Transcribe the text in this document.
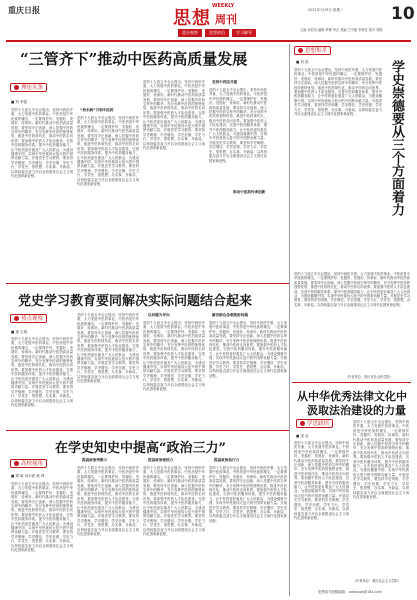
重庆日报	思想 周刊
WEEKLY
重庆观察	思想前沿	学习辅导
2021年3月9日 星期二
主编 何彩英 编辑 牟博 李志 美编 王中健 李贤佳 校对 刘微
10
“三管齐下”推动中医药高质量发展
理论头条
■ 刘 李霞
党的十九届五中全会提出，坚持中西医并重，大力发展中医药事业。中医药是中华民族的瑰宝，一定要保护好、发掘好、发展好、传承好。新时代推动中医药高质量发展，要坚持守正创新，深入挖掘中医药宝库中的精华，充分发挥中医药的独特优势，推进中医药现代化，推动中医药走向世界。要加强中医药人才队伍建设，完善中医药服务体系，提升中医药服务能力，让中医药更好惠及广大人民群众，为建设健康中国、实现中华民族伟大复兴的中国梦贡献力量。开展党史学习教育，要坚持学史明理、学史增信、学史崇德、学史力行，学党史、悟思想、办实事、开新局，以昂扬姿态奋力开启全面建设社会主义现代化国家新征程。
“治未病”引领中医药
党的十九届五中全会提出，坚持中西医并重，大力发展中医药事业。中医药是中华民族的瑰宝，一定要保护好、发掘好、发展好、传承好。新时代推动中医药高质量发展，要坚持守正创新，深入挖掘中医药宝库中的精华，充分发挥中医药的独特优势，推进中医药现代化，推动中医药走向世界。要加强中医药人才队伍建设，完善中医药服务体系，提升中医药服务能力，让中医药更好惠及广大人民群众，为建设健康中国、实现中华民族伟大复兴的中国梦贡献力量。开展党史学习教育，要坚持学史明理、学史增信、学史崇德、学史力行，学党史、悟思想、办实事、开新局，以昂扬姿态奋力开启全面建设社会主义现代化国家新征程。
党的十九届五中全会提出，坚持中西医并重，大力发展中医药事业。中医药是中华民族的瑰宝，一定要保护好、发掘好、发展好、传承好。新时代推动中医药高质量发展，要坚持守正创新，深入挖掘中医药宝库中的精华，充分发挥中医药的独特优势，推进中医药现代化，推动中医药走向世界。要加强中医药人才队伍建设，完善中医药服务体系，提升中医药服务能力，让中医药更好惠及广大人民群众，为建设健康中国、实现中华民族伟大复兴的中国梦贡献力量。开展党史学习教育，要坚持学史明理、学史增信、学史崇德、学史力行，学党史、悟思想、办实事、开新局，以昂扬姿态奋力开启全面建设社会主义现代化国家新征程。
坚持中西医并重
党的十九届五中全会提出，坚持中西医并重，大力发展中医药事业。中医药是中华民族的瑰宝，一定要保护好、发掘好、发展好、传承好。新时代推动中医药高质量发展，要坚持守正创新，深入挖掘中医药宝库中的精华，充分发挥中医药的独特优势，推进中医药现代化，推动中医药走向世界。要加强中医药人才队伍建设，完善中医药服务体系，提升中医药服务能力，让中医药更好惠及广大人民群众，为建设健康中国、实现中华民族伟大复兴的中国梦贡献力量。开展党史学习教育，要坚持学史明理、学史增信、学史崇德、学史力行，学党史、悟思想、办实事、开新局，以昂扬姿态奋力开启全面建设社会主义现代化国家新征程。
推动中医药传承创新
思想集萃
学史崇德要从三个方面着力
■ 刘 凯
党的十九届五中全会提出，坚持中西医并重，大力发展中医药事业。中医药是中华民族的瑰宝，一定要保护好、发掘好、发展好、传承好。新时代推动中医药高质量发展，要坚持守正创新，深入挖掘中医药宝库中的精华，充分发挥中医药的独特优势，推进中医药现代化，推动中医药走向世界。要加强中医药人才队伍建设，完善中医药服务体系，提升中医药服务能力，让中医药更好惠及广大人民群众，为建设健康中国、实现中华民族伟大复兴的中国梦贡献力量。开展党史学习教育，要坚持学史明理、学史增信、学史崇德、学史力行，学党史、悟思想、办实事、开新局，以昂扬姿态奋力开启全面建设社会主义现代化国家新征程。
党的十九届五中全会提出，坚持中西医并重，大力发展中医药事业。中医药是中华民族的瑰宝，一定要保护好、发掘好、发展好、传承好。新时代推动中医药高质量发展，要坚持守正创新，深入挖掘中医药宝库中的精华，充分发挥中医药的独特优势，推进中医药现代化，推动中医药走向世界。要加强中医药人才队伍建设，完善中医药服务体系，提升中医药服务能力，让中医药更好惠及广大人民群众，为建设健康中国、实现中华民族伟大复兴的中国梦贡献力量。开展党史学习教育，要坚持学史明理、学史增信、学史崇德、学史力行，学党史、悟思想、办实事、开新局，以昂扬姿态奋力开启全面建设社会主义现代化国家新征程。
（作者单位：四川省社会科学院）
党史学习教育要同解决实际问题结合起来
热点观察
■ 重 长城
党的十九届五中全会提出，坚持中西医并重，大力发展中医药事业。中医药是中华民族的瑰宝，一定要保护好、发掘好、发展好、传承好。新时代推动中医药高质量发展，要坚持守正创新，深入挖掘中医药宝库中的精华，充分发挥中医药的独特优势，推进中医药现代化，推动中医药走向世界。要加强中医药人才队伍建设，完善中医药服务体系，提升中医药服务能力，让中医药更好惠及广大人民群众，为建设健康中国、实现中华民族伟大复兴的中国梦贡献力量。开展党史学习教育，要坚持学史明理、学史增信、学史崇德、学史力行，学党史、悟思想、办实事、开新局，以昂扬姿态奋力开启全面建设社会主义现代化国家新征程。
党的十九届五中全会提出，坚持中西医并重，大力发展中医药事业。中医药是中华民族的瑰宝，一定要保护好、发掘好、发展好、传承好。新时代推动中医药高质量发展，要坚持守正创新，深入挖掘中医药宝库中的精华，充分发挥中医药的独特优势，推进中医药现代化，推动中医药走向世界。要加强中医药人才队伍建设，完善中医药服务体系，提升中医药服务能力，让中医药更好惠及广大人民群众，为建设健康中国、实现中华民族伟大复兴的中国梦贡献力量。开展党史学习教育，要坚持学史明理、学史增信、学史崇德、学史力行，学党史、悟思想、办实事、开新局，以昂扬姿态奋力开启全面建设社会主义现代化国家新征程。
以问题为导向
党的十九届五中全会提出，坚持中西医并重，大力发展中医药事业。中医药是中华民族的瑰宝，一定要保护好、发掘好、发展好、传承好。新时代推动中医药高质量发展，要坚持守正创新，深入挖掘中医药宝库中的精华，充分发挥中医药的独特优势，推进中医药现代化，推动中医药走向世界。要加强中医药人才队伍建设，完善中医药服务体系，提升中医药服务能力，让中医药更好惠及广大人民群众，为建设健康中国、实现中华民族伟大复兴的中国梦贡献力量。开展党史学习教育，要坚持学史明理、学史增信、学史崇德、学史力行，学党史、悟思想、办实事、开新局，以昂扬姿态奋力开启全面建设社会主义现代化国家新征程。
解决群众急难愁盼问题
党的十九届五中全会提出，坚持中西医并重，大力发展中医药事业。中医药是中华民族的瑰宝，一定要保护好、发掘好、发展好、传承好。新时代推动中医药高质量发展，要坚持守正创新，深入挖掘中医药宝库中的精华，充分发挥中医药的独特优势，推进中医药现代化，推动中医药走向世界。要加强中医药人才队伍建设，完善中医药服务体系，提升中医药服务能力，让中医药更好惠及广大人民群众，为建设健康中国、实现中华民族伟大复兴的中国梦贡献力量。开展党史学习教育，要坚持学史明理、学史增信、学史崇德、学史力行，学党史、悟思想、办实事、开新局，以昂扬姿态奋力开启全面建设社会主义现代化国家新征程。
从中华优秀法律文化中
汲取法治建设的力量
学思践悟
■ 饶 金
党的十九届五中全会提出，坚持中西医并重，大力发展中医药事业。中医药是中华民族的瑰宝，一定要保护好、发掘好、发展好、传承好。新时代推动中医药高质量发展，要坚持守正创新，深入挖掘中医药宝库中的精华，充分发挥中医药的独特优势，推进中医药现代化，推动中医药走向世界。要加强中医药人才队伍建设，完善中医药服务体系，提升中医药服务能力，让中医药更好惠及广大人民群众，为建设健康中国、实现中华民族伟大复兴的中国梦贡献力量。开展党史学习教育，要坚持学史明理、学史增信、学史崇德、学史力行，学党史、悟思想、办实事、开新局，以昂扬姿态奋力开启全面建设社会主义现代化国家新征程。
党的十九届五中全会提出，坚持中西医并重，大力发展中医药事业。中医药是中华民族的瑰宝，一定要保护好、发掘好、发展好、传承好。新时代推动中医药高质量发展，要坚持守正创新，深入挖掘中医药宝库中的精华，充分发挥中医药的独特优势，推进中医药现代化，推动中医药走向世界。要加强中医药人才队伍建设，完善中医药服务体系，提升中医药服务能力，让中医药更好惠及广大人民群众，为建设健康中国、实现中华民族伟大复兴的中国梦贡献力量。开展党史学习教育，要坚持学史明理、学史增信、学史崇德、学史力行，学党史、悟思想、办实事、开新局，以昂扬姿态奋力开启全面建设社会主义现代化国家新征程。
（作者单位：重庆社会主义学院）
在学史知史中提高“政治三力”
高校视角
■ 谭 敏 刘永波 黄 坤
党的十九届五中全会提出，坚持中西医并重，大力发展中医药事业。中医药是中华民族的瑰宝，一定要保护好、发掘好、发展好、传承好。新时代推动中医药高质量发展，要坚持守正创新，深入挖掘中医药宝库中的精华，充分发挥中医药的独特优势，推进中医药现代化，推动中医药走向世界。要加强中医药人才队伍建设，完善中医药服务体系，提升中医药服务能力，让中医药更好惠及广大人民群众，为建设健康中国、实现中华民族伟大复兴的中国梦贡献力量。开展党史学习教育，要坚持学史明理、学史增信、学史崇德、学史力行，学党史、悟思想、办实事、开新局，以昂扬姿态奋力开启全面建设社会主义现代化国家新征程。
提高政治判断力
党的十九届五中全会提出，坚持中西医并重，大力发展中医药事业。中医药是中华民族的瑰宝，一定要保护好、发掘好、发展好、传承好。新时代推动中医药高质量发展，要坚持守正创新，深入挖掘中医药宝库中的精华，充分发挥中医药的独特优势，推进中医药现代化，推动中医药走向世界。要加强中医药人才队伍建设，完善中医药服务体系，提升中医药服务能力，让中医药更好惠及广大人民群众，为建设健康中国、实现中华民族伟大复兴的中国梦贡献力量。开展党史学习教育，要坚持学史明理、学史增信、学史崇德、学史力行，学党史、悟思想、办实事、开新局，以昂扬姿态奋力开启全面建设社会主义现代化国家新征程。
提高政治领悟力
党的十九届五中全会提出，坚持中西医并重，大力发展中医药事业。中医药是中华民族的瑰宝，一定要保护好、发掘好、发展好、传承好。新时代推动中医药高质量发展，要坚持守正创新，深入挖掘中医药宝库中的精华，充分发挥中医药的独特优势，推进中医药现代化，推动中医药走向世界。要加强中医药人才队伍建设，完善中医药服务体系，提升中医药服务能力，让中医药更好惠及广大人民群众，为建设健康中国、实现中华民族伟大复兴的中国梦贡献力量。开展党史学习教育，要坚持学史明理、学史增信、学史崇德、学史力行，学党史、悟思想、办实事、开新局，以昂扬姿态奋力开启全面建设社会主义现代化国家新征程。
提高政治执行力
党的十九届五中全会提出，坚持中西医并重，大力发展中医药事业。中医药是中华民族的瑰宝，一定要保护好、发掘好、发展好、传承好。新时代推动中医药高质量发展，要坚持守正创新，深入挖掘中医药宝库中的精华，充分发挥中医药的独特优势，推进中医药现代化，推动中医药走向世界。要加强中医药人才队伍建设，完善中医药服务体系，提升中医药服务能力，让中医药更好惠及广大人民群众，为建设健康中国、实现中华民族伟大复兴的中国梦贡献力量。开展党史学习教育，要坚持学史明理、学史增信、学史崇德、学史力行，学党史、悟思想、办实事、开新局，以昂扬姿态奋力开启全面建设社会主义现代化国家新征程。
思想周刊投稿邮箱：cqrbsxzk@163.com
